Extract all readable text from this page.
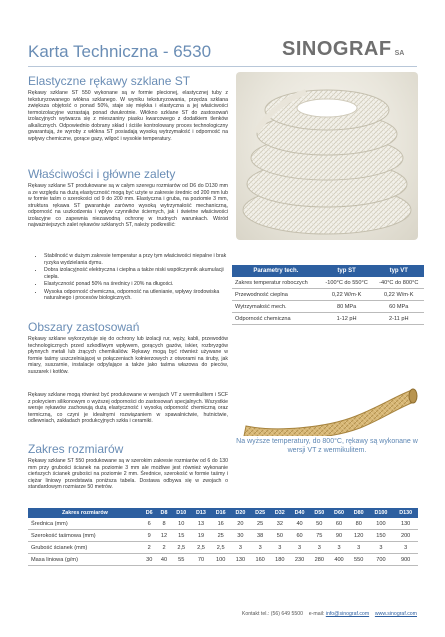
Karta Techniczna - 6530	SINOGRAF SA
Elastyczne rękawy szklane ST
Rękawy szklane ST 550 wykonane są w formie plecionej, elastycznej tuby z teksturyzowanego włókna szklanego. W wyniku teksturyzowania, przędza szklana zwiększa objętość o ponad 50%, staje się miękka i elastyczna a jej właściwości termoizolacyjne wzrastają ponad dwukrotnie. Włókno szklane ST do zastosowań izolacyjnych wytwarza się z mieszaniny piasku kwarcowego z dodatkiem tlenków alkalicznych. Odpowiednio dobrany skład i ściśle kontrolowany proces technologiczny gwarantują, że wyroby z włókna ST posiadają wysoką wytrzymałość i odporność na wpływy chemiczne, gorące gazy, wilgoć i wysokie temperatury.
Właściwości i główne zalety
Rękawy szklane ST produkowane są w całym szeregu rozmiarów od D6 do D130 mm a ze względu na dużą elastyczność mogą być użyte w zakresie średnic od 200 mm lub w formie taśm o szerokości od 9 do 200 mm. Elastyczna i gruba, na poziomie 3 mm, struktura rękawa ST gwarantuje zarówno wysoką wytrzymałość mechaniczną, odporność na uszkodzenia i wpływ czynników ściernych, jak i świetne właściwości izolacyjne co zapewnia niezawodną ochronę w trudnych warunkach. Wśród najważniejszych zalet rękawów szklanych ST, należy podkreślić:
• Stabilność w dużym zakresie temperatur a przy tym właściwości niepalne i brak ryzyka wydzielania dymu.
• Dobra izolacyjność elektryczna i cieplna a także niski współczynnik akumulacji ciepła.
• Elastyczność ponad 50% na średnicy i 20% na długości.
• Wysoka odporność chemiczna, odporność na utlenianie, wpływy środowiska naturalnego i procesów biologicznych.
Obszary zastosowań
Rękawy szklane wykorzystuje się do ochrony lub izolacji rur, węży, kabli, przewodów technologicznych przed szkodliwym wpływem, gorących gazów, iskier, rozbryzgów płynnych metali lub żrących chemikaliów. Rękawy mogą być również używane w formie taśmy uszczelniającej w połączeniach kołnierzowych z otworami na śruby, jak miary, suszarnie, instalacje odpylające a także jako taśma włazowa do pieców, suszarek i kotłów.
Rękawy szklane mogą również być produkowane w wersjach VT z wermikulitem i SCF z pokryciem silikonowym o wyższej odporności do zastosowań specjalnych. Wszystkie wersje rękawów zachowują dużą elastyczność i wysoką odporność chemiczną oraz termiczną, co czyni je idealnymi rozwiązaniem w spawalnictwie, hutnictwie, odlewniach, zakładach produkcyjnych szkła i ceramiki.
Zakres rozmiarów
Rękawy szklane ST 550 produkowane są w szerokim zakresie rozmiarów od 6 do 130 mm przy grubości ścianek na poziomie 3 mm ale możliwe jest również wykonanie cieńszych ścianek grubości na poziomie 2 mm. Średnice, szerokość w formie taśmy i ciężar liniowy przedstawia poniższa tabela. Dostawa odbywa się w zwojach o standardowym rozmiarze 50 metrów.
Parametry tech.	typ ST	typ VT
Zakres temperatur roboczych	-100°C do 550°C	-40°C do 800°C
Przewodność cieplna	0,22 W/m·K	0,22 W/m·K
Wytrzymałość mech.	80 MPa	60 MPa
Odporność chemiczna	1-12 pH	2-11 pH
Na wyższe temperatury, do 800°C, rękawy są wykonane w wersji VT z wermikulitem.
Zakres rozmiarów	D6	D8	D10	D13	D16	D20	D25	D32	D40	D50	D60	D80	D100	D130
Średnica (mm)	6	8	10	13	16	20	25	32	40	50	60	80	100	130
Szerokość taśmowa (mm)	9	12	15	19	25	30	38	50	60	75	90	120	150	200
Grubość ścianek (mm)	2	2	2,5	2,5	2,5	3	3	3	3	3	3	3	3	3
Masa liniowa (g/m)	30	40	55	70	100	130	160	180	230	280	400	550	700	900
Kontakt tel.: (56) 649 5500 e-mail: info@sinograf.com www.sinograf.com
